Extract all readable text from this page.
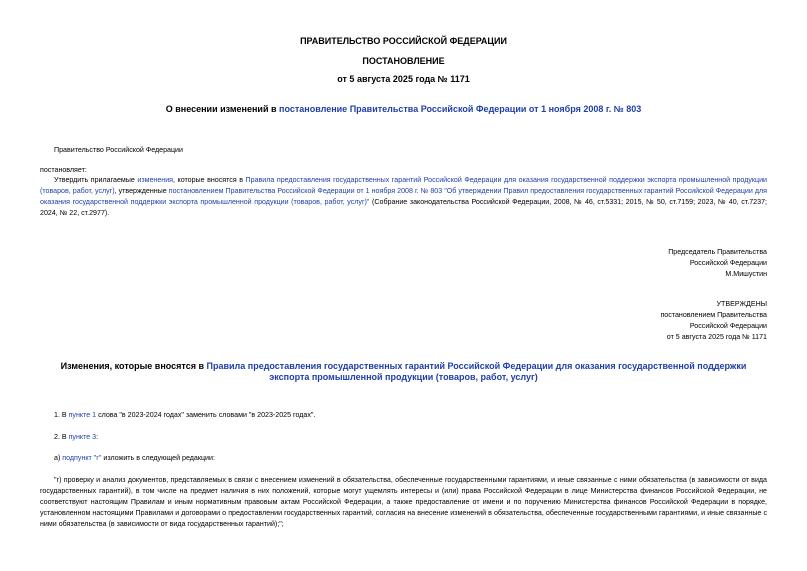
ПРАВИТЕЛЬСТВО РОССИЙСКОЙ ФЕДЕРАЦИИ
ПОСТАНОВЛЕНИЕ
от 5 августа 2025 года № 1171
О внесении изменений в постановление Правительства Российской Федерации от 1 ноября 2008 г. № 803
Правительство Российской Федерации
постановляет:
Утвердить прилагаемые изменения, которые вносятся в Правила предоставления государственных гарантий Российской Федерации для оказания государственной поддержки экспорта промышленной продукции (товаров, работ, услуг), утвержденные постановлением Правительства Российской Федерации от 1 ноября 2008 г. № 803 "Об утверждении Правил предоставления государственных гарантий Российской Федерации для оказания государственной поддержки экспорта промышленной продукции (товаров, работ, услуг)" (Собрание законодательства Российской Федерации, 2008, № 46, ст.5331; 2015, № 50, ст.7159; 2023, № 40, ст.7237; 2024, № 22, ст.2977).
Председатель Правительства
Российской Федерации
М.Мишустин
УТВЕРЖДЕНЫ
постановлением Правительства
Российской Федерации
от 5 августа 2025 года № 1171
Изменения, которые вносятся в Правила предоставления государственных гарантий Российской Федерации для оказания государственной поддержки экспорта промышленной продукции (товаров, работ, услуг)
1. В пункте 1 слова "в 2023-2024 годах" заменить словами "в 2023-2025 годах".
2. В пункте 3:
а) подпункт "г" изложить в следующей редакции:
"г) проверку и анализ документов, представляемых в связи с внесением изменений в обязательства, обеспеченные государственными гарантиями, и иные связанные с ними обязательства (в зависимости от вида государственных гарантий), в том числе на предмет наличия в них положений, которые могут ущемлять интересы и (или) права Российской Федерации в лице Министерства финансов Российской Федерации, не соответствуют настоящим Правилам и иным нормативным правовым актам Российской Федерации, а также предоставление от имени и по поручению Министерства финансов Российской Федерации в порядке, установленном настоящими Правилами и договорами о предоставлении государственных гарантий, согласия на внесение изменений в обязательства, обеспеченные государственными гарантиями, и иные связанные с ними обязательства (в зависимости от вида государственных гарантий);";
